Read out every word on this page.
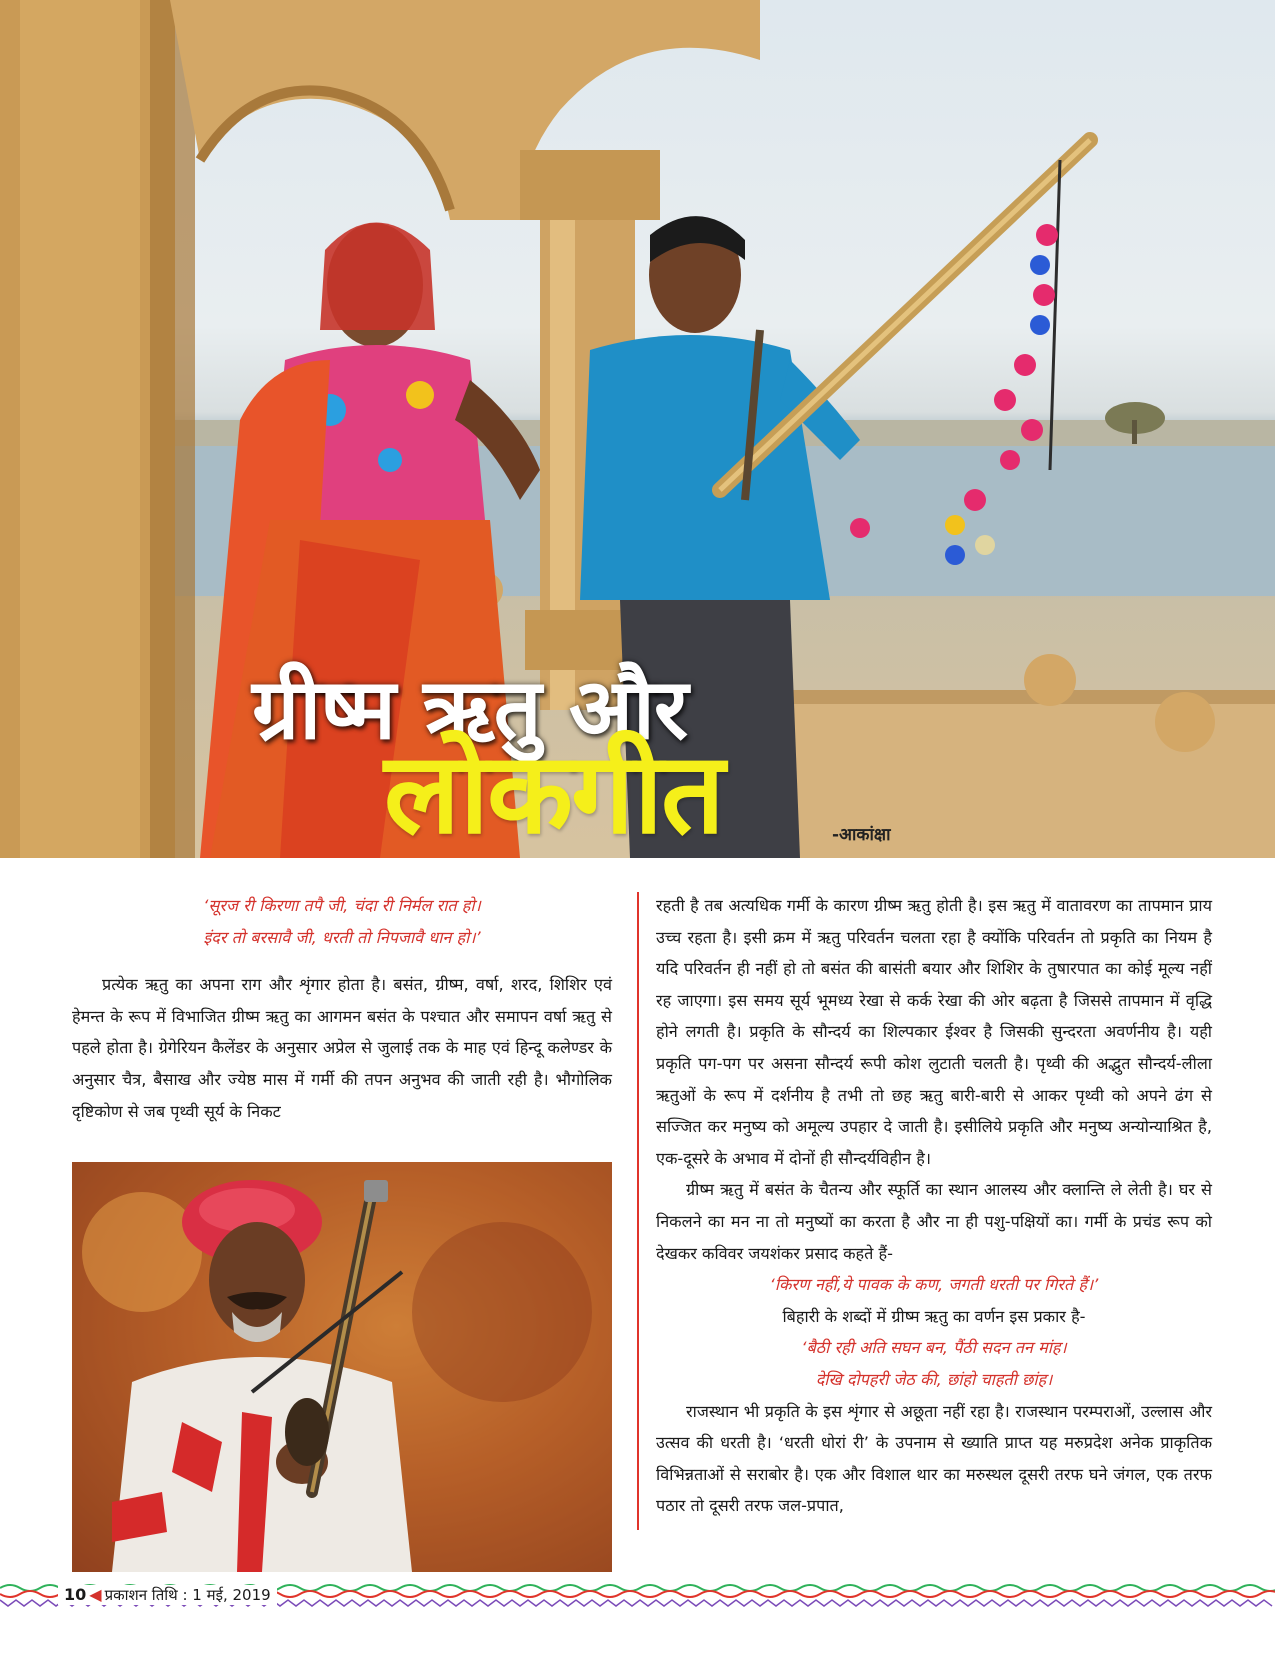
ग्रीष्म ऋतु और
लोकगीत	-आकांक्षा
‘सूरज री किरणा तपै जी, चंदा री निर्मल रात हो।
इंदर तो बरसावै जी, धरती तो निपजावै धान हो।’

प्रत्येक ऋतु का अपना राग और शृंगार होता है। बसंत, ग्रीष्म, वर्षा, शरद, शिशिर एवं हेमन्त के रूप में विभाजित ग्रीष्म ऋतु का आगमन बसंत के पश्चात और समापन वर्षा ऋतु से पहले होता है। ग्रेगेरियन कैलेंडर के अनुसार अप्रेल से जुलाई तक के माह एवं हिन्दू कलेण्डर के अनुसार चैत्र, बैसाख और ज्येष्ठ मास में गर्मी की तपन अनुभव की जाती रही है। भौगोलिक दृष्टिकोण से जब पृथ्वी सूर्य के निकट

रहती है तब अत्यधिक गर्मी के कारण ग्रीष्म ऋतु होती है। इस ऋतु में वातावरण का तापमान प्राय उच्च रहता है। इसी क्रम में ऋतु परिवर्तन चलता रहा है क्योंकि परिवर्तन तो प्रकृति का नियम है यदि परिवर्तन ही नहीं हो तो बसंत की बासंती बयार और शिशिर के तुषारपात का कोई मूल्य नहीं रह जाएगा। इस समय सूर्य भूमध्य रेखा से कर्क रेखा की ओर बढ़ता है जिससे तापमान में वृद्धि होने लगती है। प्रकृति के सौन्दर्य का शिल्पकार ईश्वर है जिसकी सुन्दरता अवर्णनीय है। यही प्रकृति पग-पग पर असना सौन्दर्य रूपी कोश लुटाती चलती है। पृथ्वी की अद्भुत सौन्दर्य-लीला ऋतुओं के रूप में दर्शनीय है तभी तो छह ऋतु बारी-बारी से आकर पृथ्वी को अपने ढंग से सज्जित कर मनुष्य को अमूल्य उपहार दे जाती है। इसीलिये प्रकृति और मनुष्य अन्योन्याश्रित है, एक-दूसरे के अभाव में दोनों ही सौन्दर्यविहीन है।

ग्रीष्म ऋतु में बसंत के चैतन्य और स्फूर्ति का स्थान आलस्य और क्लान्ति ले लेती है। घर से निकलने का मन ना तो मनुष्यों का करता है और ना ही पशु-पक्षियों का। गर्मी के प्रचंड रूप को देखकर कविवर जयशंकर प्रसाद कहते हैं-

‘किरण नहीं,ये पावक के कण, जगती धरती पर गिरते हैं।’

बिहारी के शब्दों में ग्रीष्म ऋतु का वर्णन इस प्रकार है-

‘बैठी रही अति सघन बन, पैंठी सदन तन मांह।
देखि दोपहरी जेठ की, छांहो चाहती छांह।

राजस्थान भी प्रकृति के इस शृंगार से अछूता नहीं रहा है। राजस्थान परम्पराओं, उल्लास और उत्सव की धरती है। ‘धरती धोरां री’ के उपनाम से ख्याति प्राप्त यह मरुप्रदेश अनेक प्राकृतिक विभिन्नताओं से सराबोर है। एक और विशाल थार का मरुस्थल दूसरी तरफ घने जंगल, एक तरफ पठार तो दूसरी तरफ जल-प्रपात,

10 ◀ प्रकाशन तिथि : 1 मई, 2019
